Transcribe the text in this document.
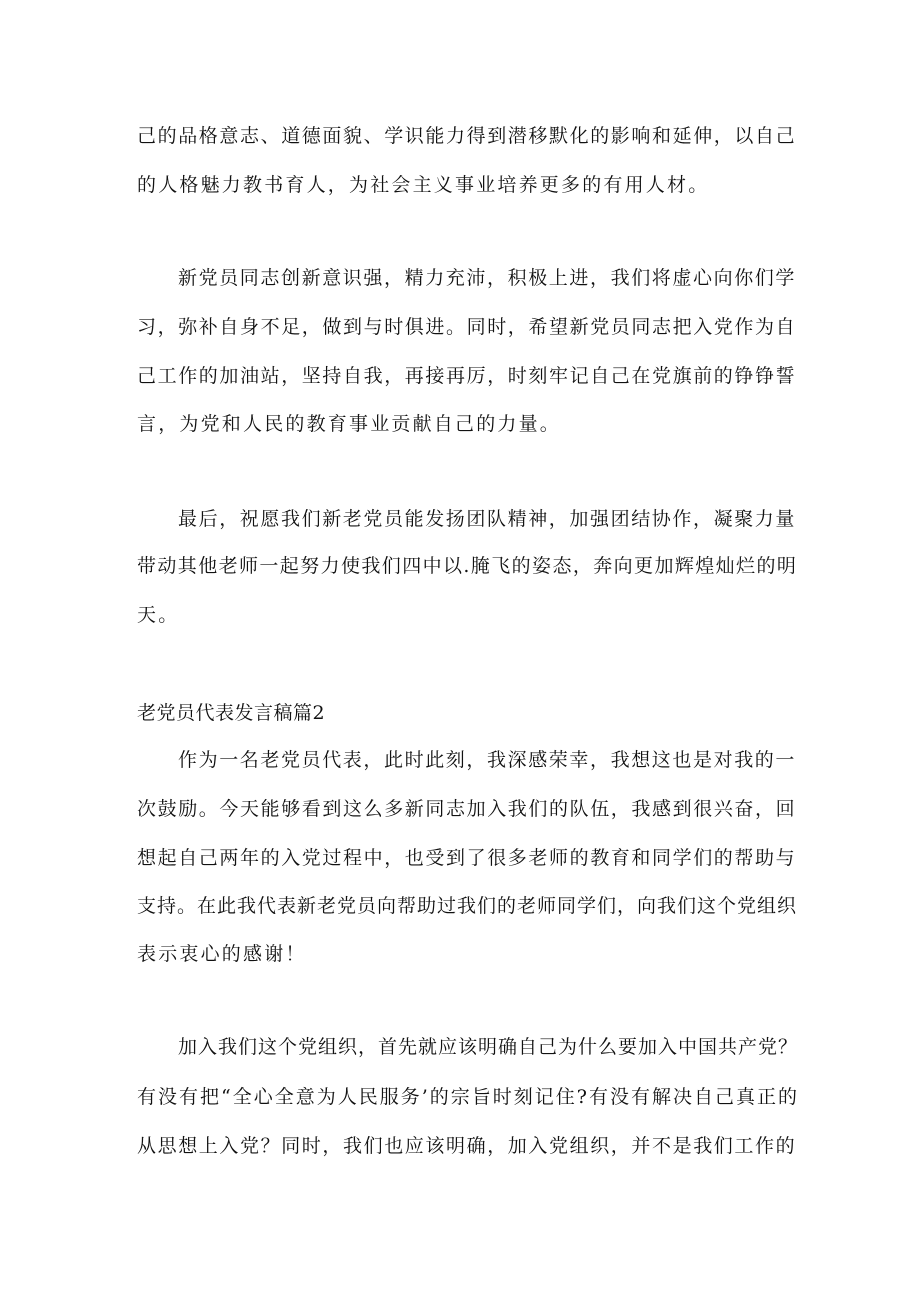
己的品格意志、道德面貌、学识能力得到潜移默化的影响和延伸，以自己
的人格魅力教书育人，为社会主义事业培养更多的有用人材。
新党员同志创新意识强，精力充沛，积极上进，我们将虚心向你们学
习，弥补自身不足，做到与时俱进。同时，希望新党员同志把入党作为自
己工作的加油站，坚持自我，再接再厉，时刻牢记自己在党旗前的铮铮誓
言，为党和人民的教育事业贡献自己的力量。
最后，祝愿我们新老党员能发扬团队精神，加强团结协作，凝聚力量
带动其他老师一起努力使我们四中以.腌飞的姿态，奔向更加辉煌灿烂的明
天。
老党员代表发言稿篇2
作为一名老党员代表，此时此刻，我深感荣幸，我想这也是对我的一
次鼓励。今天能够看到这么多新同志加入我们的队伍，我感到很兴奋，回
想起自己两年的入党过程中，也受到了很多老师的教育和同学们的帮助与
支持。在此我代表新老党员向帮助过我们的老师同学们，向我们这个党组织
表示衷心的感谢！
加入我们这个党组织，首先就应该明确自己为什么要加入中国共产党？
有没有把“全心全意为人民服务’的宗旨时刻记住?有没有解决自己真正的
从思想上入党？同时，我们也应该明确，加入党组织，并不是我们工作的
